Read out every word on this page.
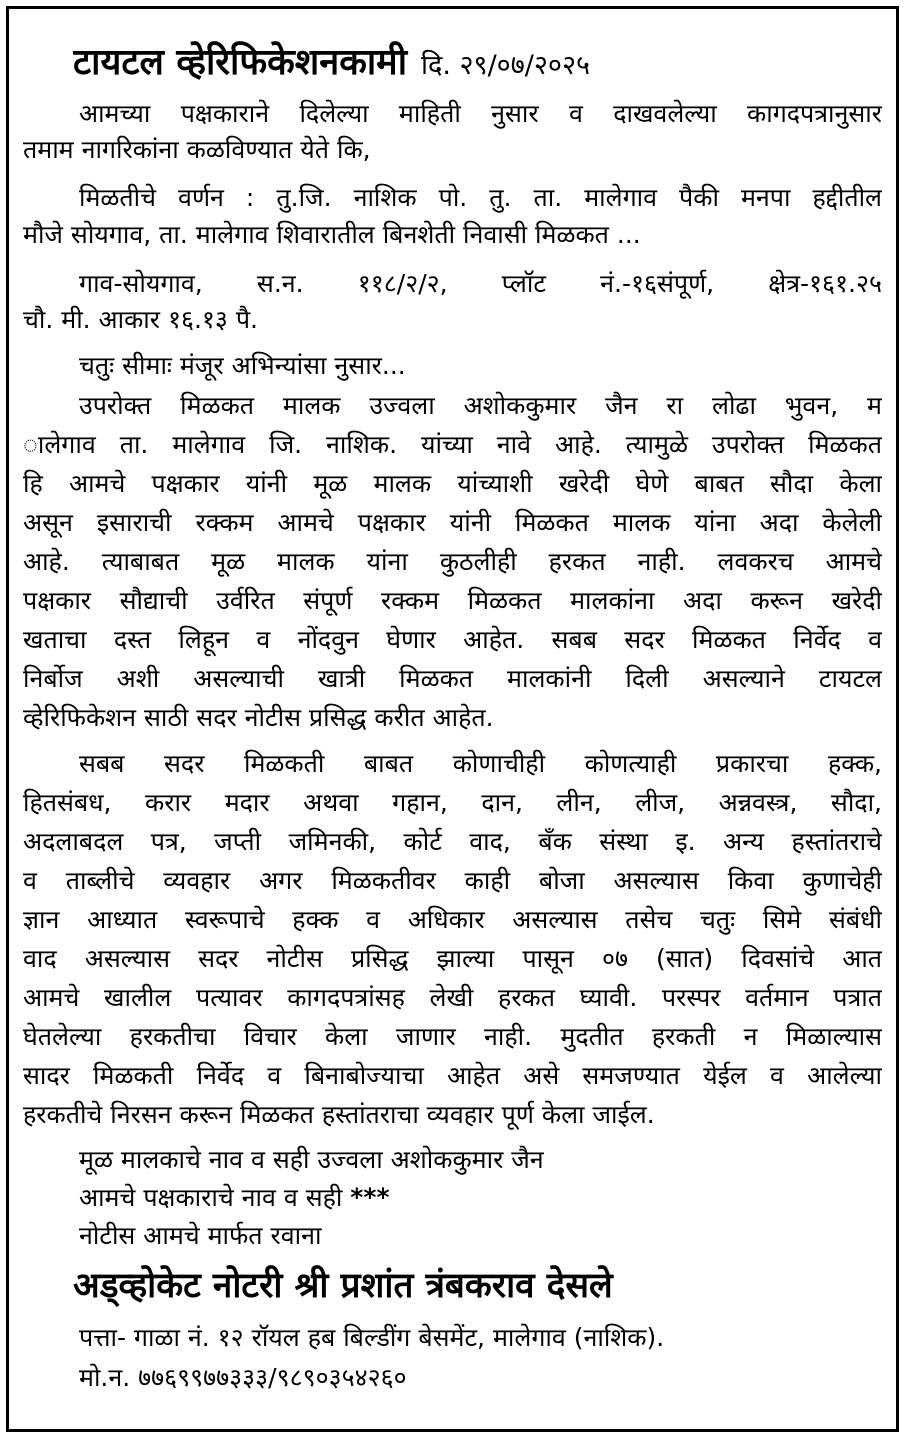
टायटल व्हेरिफिकेशनकामी दि. २९/०७/२०२५
आमच्या पक्षकाराने दिलेल्या माहिती नुसार व दाखवलेल्या कागदपत्रानुसार
तमाम नागरिकांना कळविण्यात येते कि,
मिळतीचे वर्णन : तु.जि. नाशिक पो. तु. ता. मालेगाव पैकी मनपा हद्दीतील
मौजे सोयगाव, ता. मालेगाव शिवारातील बिनशेती निवासी मिळकत ...
गाव-सोयगाव, स.न. ११८/२/२, प्लॉट नं.-१६संपूर्ण, क्षेत्र-१६१.२५
चौ. मी. आकार १६.१३ पै.
चतुः सीमाः मंजूर अभिन्यांसा नुसार...
उपरोक्त मिळकत मालक उज्वला अशोककुमार जैन रा लोढा भुवन, म
ालेगाव ता. मालेगाव जि. नाशिक. यांच्या नावे आहे. त्यामुळे उपरोक्त मिळकत
हि आमचे पक्षकार यांनी मूळ मालक यांच्याशी खरेदी घेणे बाबत सौदा केला
असून इसाराची रक्कम आमचे पक्षकार यांनी मिळकत मालक यांना अदा केलेली
आहे. त्याबाबत मूळ मालक यांना कुठलीही हरकत नाही. लवकरच आमचे
पक्षकार सौद्याची उर्वरित संपूर्ण रक्कम मिळकत मालकांना अदा करून खरेदी
खताचा दस्त लिहून व नोंदवुन घेणार आहेत. सबब सदर मिळकत निर्वेद व
निर्बोज अशी असल्याची खात्री मिळकत मालकांनी दिली असल्याने टायटल
व्हेरिफिकेशन साठी सदर नोटीस प्रसिद्ध करीत आहेत.
सबब सदर मिळकती बाबत कोणाचीही कोणत्याही प्रकारचा हक्क,
हितसंबध, करार मदार अथवा गहान, दान, लीन, लीज, अन्नवस्त्र, सौदा,
अदलाबदल पत्र, जप्ती जमिनकी, कोर्ट वाद, बँक संस्था इ. अन्य हस्तांतराचे
व ताब्लीचे व्यवहार अगर मिळकतीवर काही बोजा असल्यास किवा कुणाचेही
ज्ञान आध्यात स्वरूपाचे हक्क व अधिकार असल्यास तसेच चतुः सिमे संबंधी
वाद असल्यास सदर नोटीस प्रसिद्ध झाल्या पासून ०७ (सात) दिवसांचे आत
आमचे खालील पत्यावर कागदपत्रांसह लेखी हरकत घ्यावी. परस्पर वर्तमान पत्रात
घेतलेल्या हरकतीचा विचार केला जाणार नाही. मुदतीत हरकती न मिळाल्यास
सादर मिळकती निर्वेद व बिनाबोज्याचा आहेत असे समजण्यात येईल व आलेल्या
हरकतीचे निरसन करून मिळकत हस्तांतराचा व्यवहार पूर्ण केला जाईल.
मूळ मालकाचे नाव व सही उज्वला अशोककुमार जैन
आमचे पक्षकाराचे नाव व सही ***
नोटीस आमचे मार्फत रवाना
अड्व्होकेट नोटरी श्री प्रशांत त्रंबकराव देसले
पत्ता- गाळा नं. १२ रॉयल हब बिल्डींग बेसमेंट, मालेगाव (नाशिक).
मो.न. ७७६९९७७३३३/९८९०३५४२६०
